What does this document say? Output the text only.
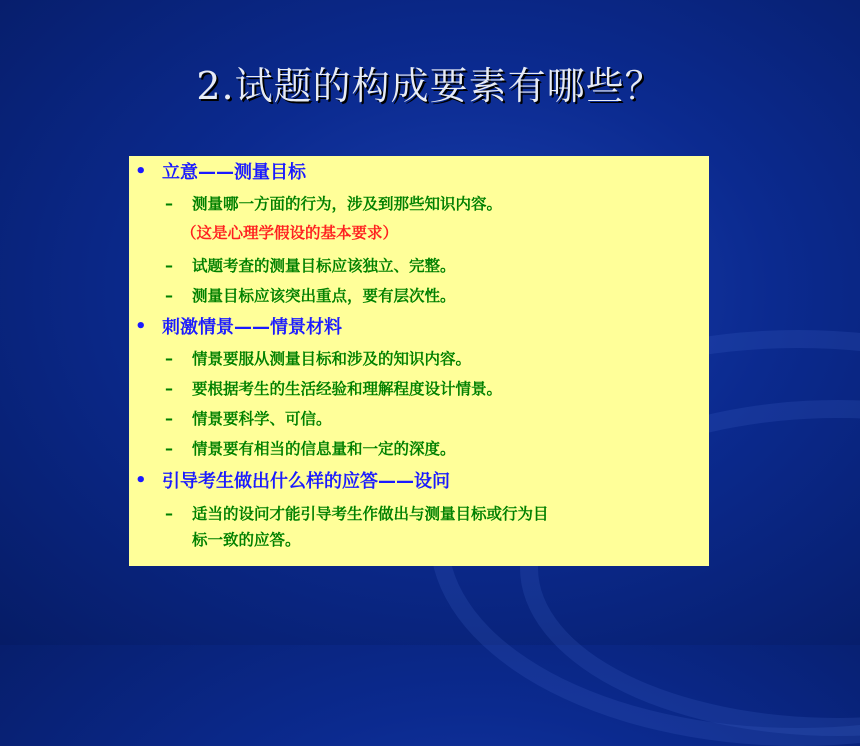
2.试题的构成要素有哪些？
• 立意——测量目标
–	测量哪一方面的行为，涉及到那些知识内容。
（这是心理学假设的基本要求）
–	试题考查的测量目标应该独立、完整。
–	测量目标应该突出重点，要有层次性。
• 刺激情景——情景材料
–	情景要服从测量目标和涉及的知识内容。
–	要根据考生的生活经验和理解程度设计情景。
–	情景要科学、可信。
–	情景要有相当的信息量和一定的深度。
• 引导考生做出什么样的应答——设问
–	适当的设问才能引导考生作做出与测量目标或行为目
标一致的应答。
